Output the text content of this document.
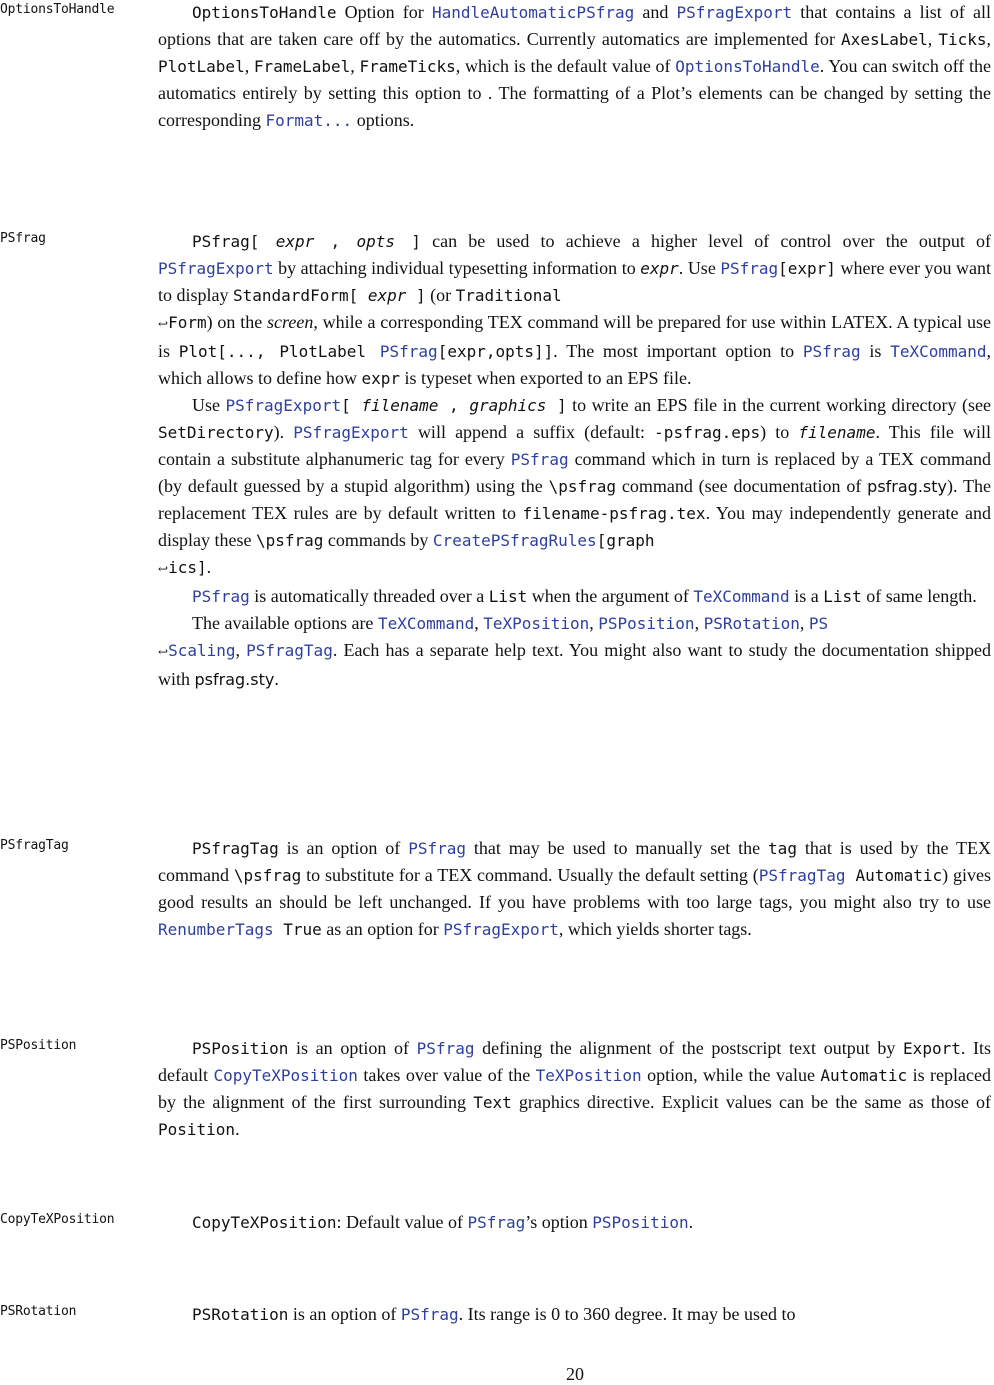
OptionsToHandle	OptionsToHandle Option for HandleAutomaticPSfrag and PSfragExport that contains a list of all options that are taken care off by the automatics. Currently automatics are implemented for AxesLabel, Ticks, PlotLabel, FrameLabel, FrameTicks, which is the default value of OptionsToHandle. You can switch off the automatics entirely by setting this option to . The formatting of a Plot’s elements can be changed by setting the corresponding Format... options.

PSfrag	PSfrag[ expr , opts ] can be used to achieve a higher level of control over the output of PSfragExport by attaching individual typesetting information to expr. Use PSfrag[expr] where ever you want to display StandardForm[ expr ] (or Traditional
↩Form) on the screen, while a corresponding TEX command will be prepared for use within LATEX. A typical use is Plot[..., PlotLabel PSfrag[expr,opts]]. The most important option to PSfrag is TeXCommand, which allows to define how expr is typeset when exported to an EPS file.

Use PSfragExport[ filename , graphics ] to write an EPS file in the current working directory (see SetDirectory). PSfragExport will append a suffix (default: -psfrag.eps) to filename. This file will contain a substitute alphanumeric tag for every PSfrag command which in turn is replaced by a TEX command (by default guessed by a stupid algorithm) using the \psfrag command (see documentation of psfrag.sty). The replacement TEX rules are by default written to filename-psfrag.tex. You may independently generate and display these \psfrag commands by CreatePSfragRules[graph
↩ics].

PSfrag is automatically threaded over a List when the argument of TeXCommand is a List of same length.

The available options are TeXCommand, TeXPosition, PSPosition, PSRotation, PS
↩Scaling, PSfragTag. Each has a separate help text. You might also want to study the documentation shipped with psfrag.sty.

PSfragTag	PSfragTag is an option of PSfrag that may be used to manually set the tag that is used by the TEX command \psfrag to substitute for a TEX command. Usually the default setting (PSfragTag Automatic) gives good results an should be left unchanged. If you have problems with too large tags, you might also try to use RenumberTags True as an option for PSfragExport, which yields shorter tags.

PSPosition	PSPosition is an option of PSfrag defining the alignment of the postscript text output by Export. Its default CopyTeXPosition takes over value of the TeXPosition option, while the value Automatic is replaced by the alignment of the first surrounding Text graphics directive. Explicit values can be the same as those of Position.

CopyTeXPosition	CopyTeXPosition: Default value of PSfrag’s option PSPosition.

PSRotation	PSRotation is an option of PSfrag. Its range is 0 to 360 degree. It may be used to

20
